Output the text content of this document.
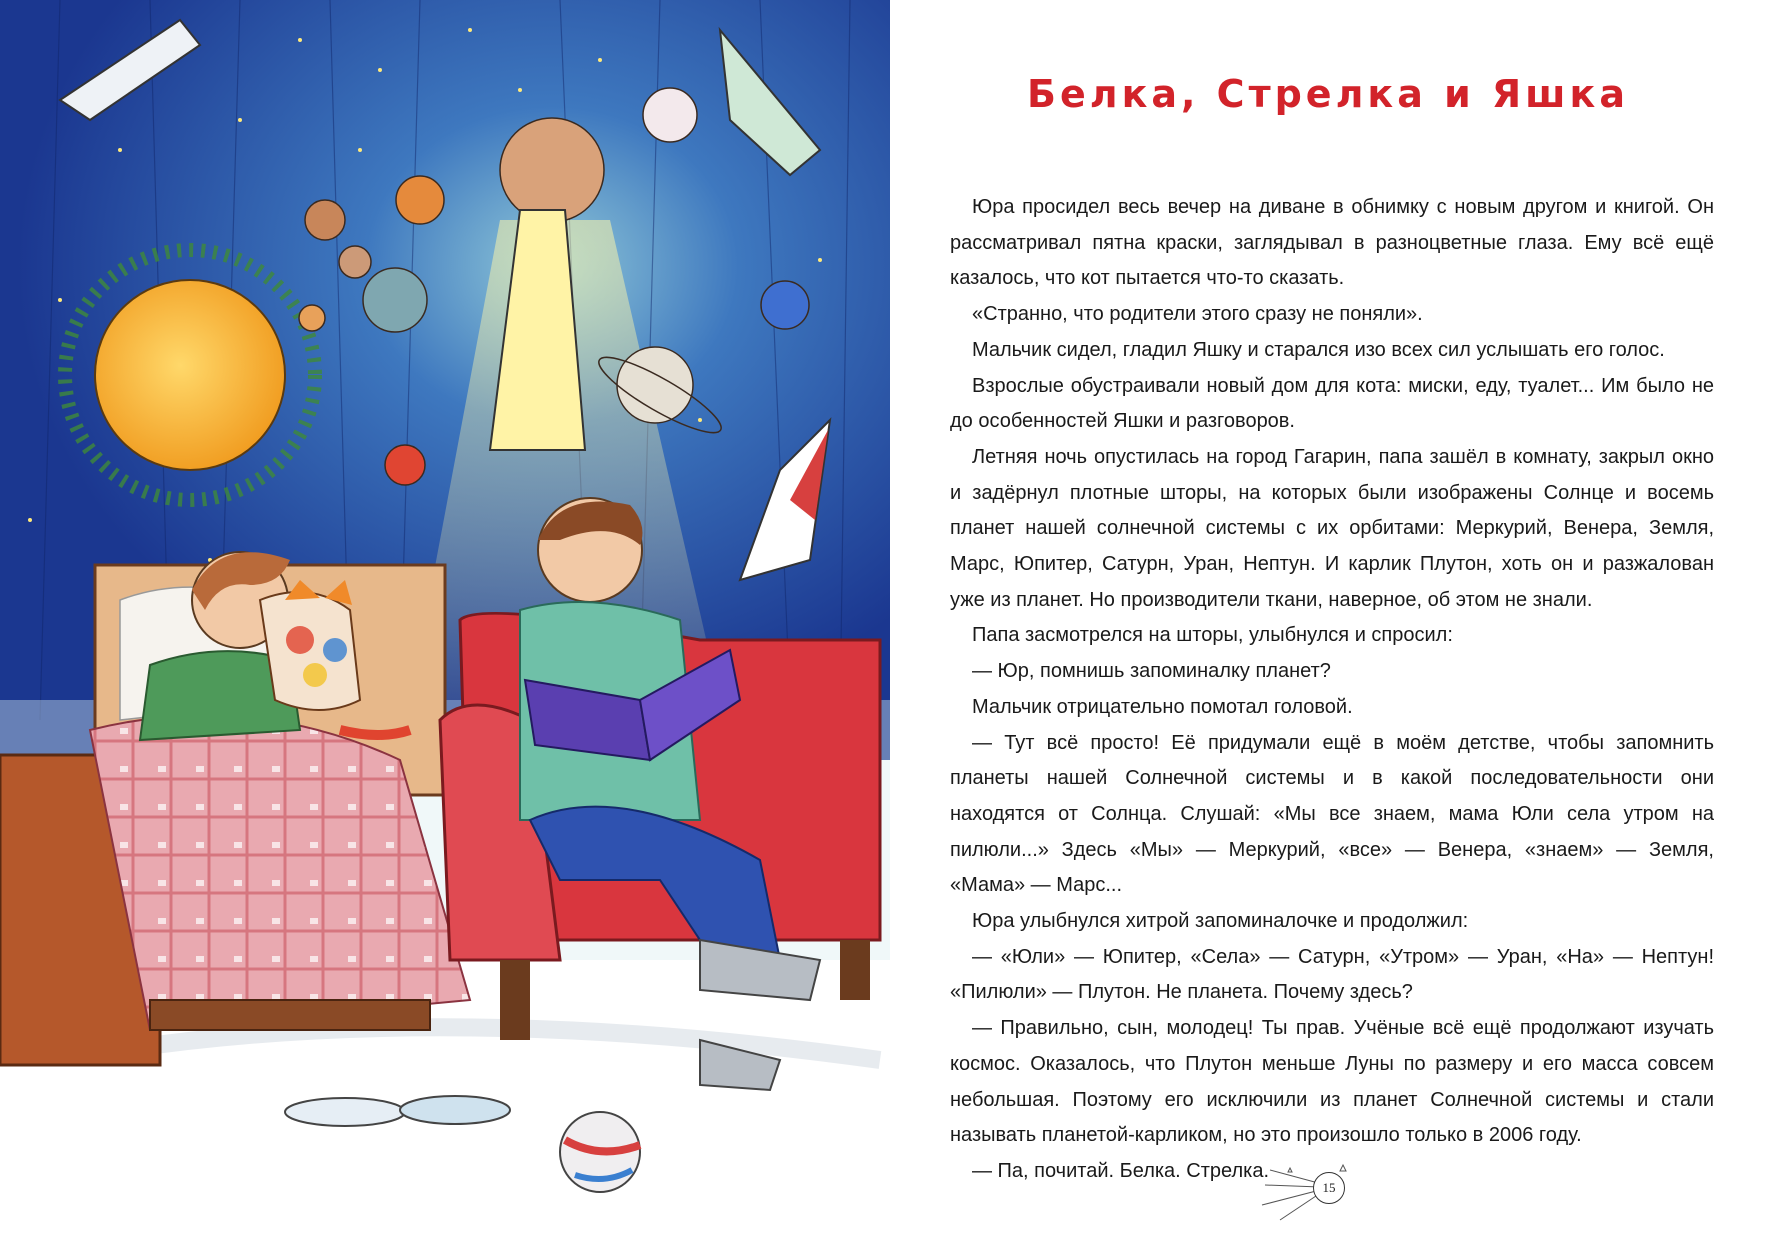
Белка, Стрелка и Яшка

Юра просидел весь вечер на диване в обнимку с новым другом и книгой. Он рассматривал пятна краски, заглядывал в разноцветные глаза. Ему всё ещё казалось, что кот пытается что-то сказать.

«Странно, что родители этого сразу не поняли».

Мальчик сидел, гладил Яшку и старался изо всех сил услышать его голос.

Взрослые обустраивали новый дом для кота: миски, еду, туалет... Им было не до особенностей Яшки и разговоров.

Летняя ночь опустилась на город Гагарин, папа зашёл в комнату, закрыл окно и задёрнул плотные шторы, на которых были изображены Солнце и восемь планет нашей солнечной системы с их орбитами: Меркурий, Венера, Земля, Марс, Юпитер, Сатурн, Уран, Нептун. И карлик Плутон, хоть он и разжалован уже из планет. Но производители ткани, наверное, об этом не знали.

Папа засмотрелся на шторы, улыбнулся и спросил:

— Юр, помнишь запоминалку планет?

Мальчик отрицательно помотал головой.

— Тут всё просто! Её придумали ещё в моём детстве, чтобы запомнить планеты нашей Солнечной системы и в какой последовательности они находятся от Солнца. Слушай: «Мы все знаем, мама Юли села утром на пилюли...» Здесь «Мы» — Меркурий, «все» — Венера, «знаем» — Земля, «Мама» — Марс...

Юра улыбнулся хитрой запоминалочке и продолжил:

— «Юли» — Юпитер, «Села» — Сатурн, «Утром» — Уран, «На» — Нептун! «Пилюли» — Плутон. Не планета. Почему здесь?

— Правильно, сын, молодец! Ты прав. Учёные всё ещё продолжают изучать космос. Оказалось, что Плутон меньше Луны по размеру и его масса совсем небольшая. Поэтому его исключили из планет Солнечной системы и стали называть планетой-карликом, но это произошло только в 2006 году.

— Па, почитай. Белка. Стрелка.

15
